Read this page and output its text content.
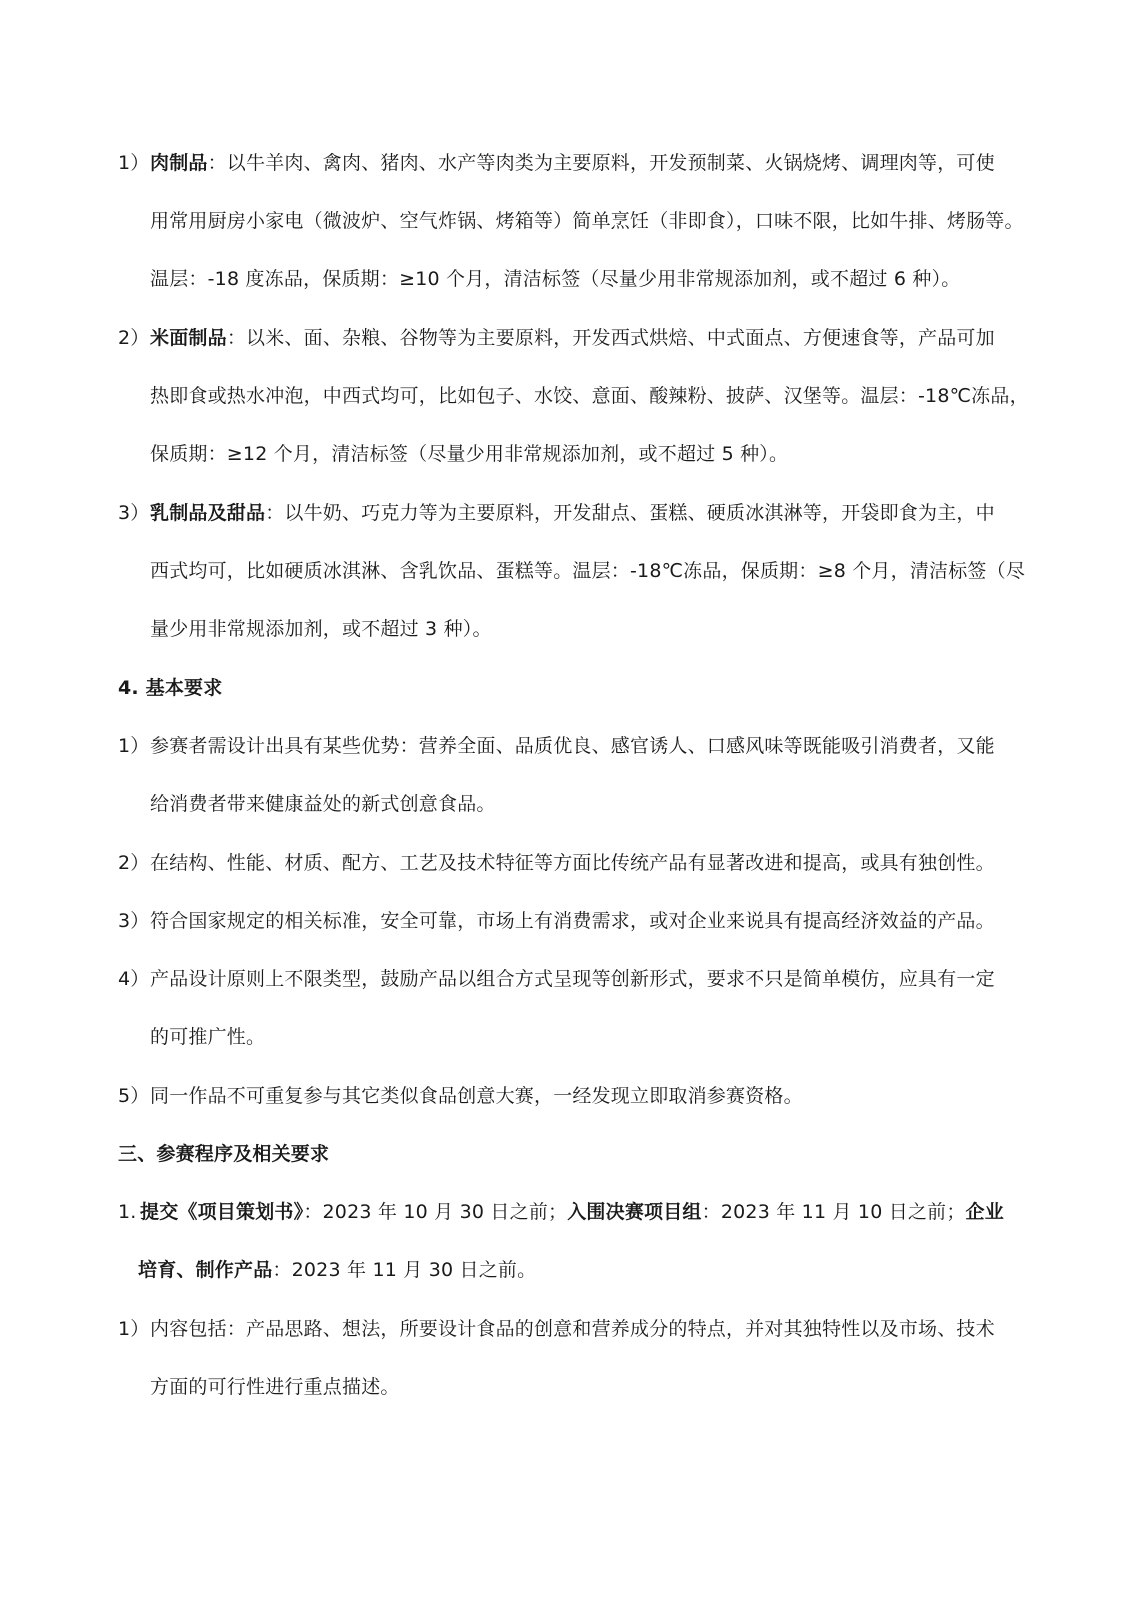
1） 肉制品：以牛羊肉、禽肉、猪肉、水产等肉类为主要原料，开发预制菜、火锅烧烤、调理肉等，可使
用常用厨房小家电（微波炉、空气炸锅、烤箱等）简单烹饪（非即食），口味不限，比如牛排、烤肠等。
温层：-18 度冻品，保质期：≥10 个月，清洁标签（尽量少用非常规添加剂，或不超过 6 种）。
2） 米面制品：以米、面、杂粮、谷物等为主要原料，开发西式烘焙、中式面点、方便速食等，产品可加
热即食或热水冲泡，中西式均可，比如包子、水饺、意面、酸辣粉、披萨、汉堡等。温层：-18℃冻品，
保质期：≥12 个月，清洁标签（尽量少用非常规添加剂，或不超过 5 种）。
3） 乳制品及甜品：以牛奶、巧克力等为主要原料，开发甜点、蛋糕、硬质冰淇淋等，开袋即食为主，中
西式均可，比如硬质冰淇淋、含乳饮品、蛋糕等。温层：-18℃冻品，保质期：≥8 个月，清洁标签（尽
量少用非常规添加剂，或不超过 3 种）。
4. 基本要求
1） 参赛者需设计出具有某些优势：营养全面、品质优良、感官诱人、口感风味等既能吸引消费者，又能
给消费者带来健康益处的新式创意食品。
2） 在结构、性能、材质、配方、工艺及技术特征等方面比传统产品有显著改进和提高，或具有独创性。
3） 符合国家规定的相关标准，安全可靠，市场上有消费需求，或对企业来说具有提高经济效益的产品。
4） 产品设计原则上不限类型，鼓励产品以组合方式呈现等创新形式，要求不只是简单模仿，应具有一定
的可推广性。
5） 同一作品不可重复参与其它类似食品创意大赛，一经发现立即取消参赛资格。
三、参赛程序及相关要求
1. 提交《项目策划书》：2023 年 10 月 30 日之前；入围决赛项目组：2023 年 11 月 10 日之前；企业
培育、制作产品：2023 年 11 月 30 日之前。
1） 内容包括：产品思路、想法，所要设计食品的创意和营养成分的特点，并对其独特性以及市场、技术
方面的可行性进行重点描述。
